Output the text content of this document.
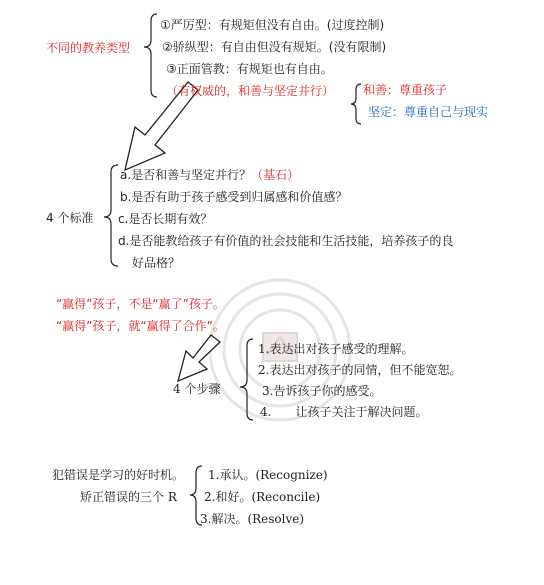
不同的教养类型
①严厉型：有规矩但没有自由。(过度控制)
②骄纵型：有自由但没有规矩。(没有限制)
③正面管教：有规矩也有自由。
（有权威的，和善与坚定并行） 和善：尊重孩子
坚定：尊重自己与现实
4 个标准
a.是否和善与坚定并行？（基石）
b.是否有助于孩子感受到归属感和价值感？
c.是否长期有效？
d.是否能教给孩子有价值的社会技能和生活技能，培养孩子的良
好品格？
“赢得”孩子，不是“赢了”孩子。
“赢得”孩子，就“赢得了合作”。
4 个步骤
1.表达出对孩子感受的理解。
2.表达出对孩子的同情，但不能宽恕。
3.告诉孩子你的感受。
4.　　让孩子关注于解决问题。
犯错误是学习的好时机。
矫正错误的三个 R
1.承认。(Recognize)
2.和好。(Reconcile)
3.解决。(Resolve)
